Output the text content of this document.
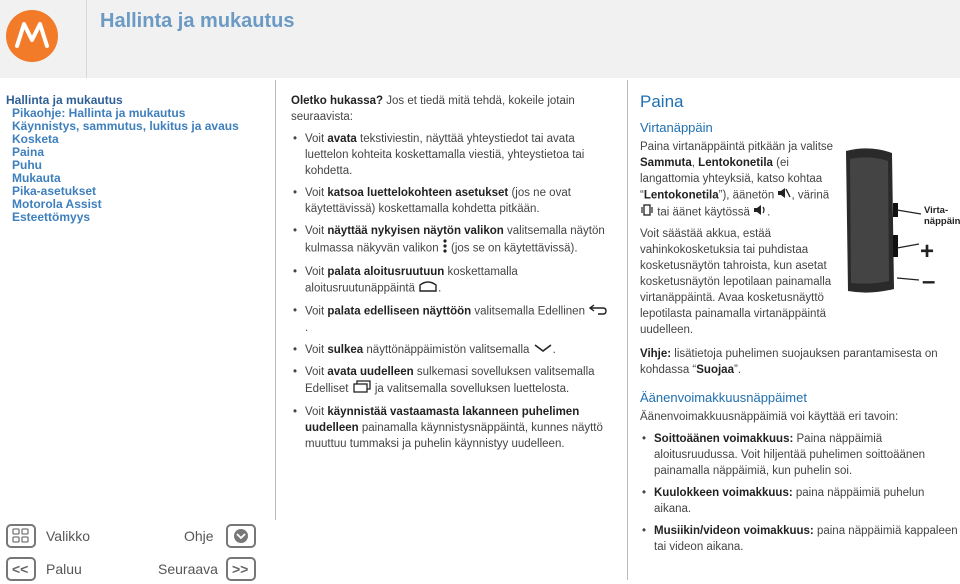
Hallinta ja mukautus
Hallinta ja mukautus
Pikaohje: Hallinta ja mukautus
Käynnistys, sammutus, lukitus ja avaus
Kosketa
Paina
Puhu
Mukauta
Pika-asetukset
Motorola Assist
Esteettömyys

Oletko hukassa? Jos et tiedä mitä tehdä, kokeile jotain seuraavista:

• Voit avata tekstiviestin, näyttää yhteystiedot tai avata luettelon kohteita koskettamalla viestiä, yhteystietoa tai kohdetta.
• Voit katsoa luettelokohteen asetukset (jos ne ovat käytettävissä) koskettamalla kohdetta pitkään.
• Voit näyttää nykyisen näytön valikon valitsemalla näytön kulmassa näkyvän valikon  (jos se on käytettävissä).
• Voit palata aloitusruutuun koskettamalla aloitusruutunäppäintä .
• Voit palata edelliseen näyttöön valitsemalla Edellinen .
• Voit sulkea näyttönäppäimistön valitsemalla .
• Voit avata uudelleen sulkemasi sovelluksen valitsemalla Edelliset  ja valitsemalla sovelluksen luettelosta.
• Voit käynnistää vastaamasta lakanneen puhelimen uudelleen painamalla käynnistysnäppäintä, kunnes näyttö muuttuu tummaksi ja puhelin käynnistyy uudelleen.
Paina
Virtanäppäin

Paina virtanäppäintä pitkään ja valitse Sammuta, Lentokonetila (ei langattomia yhteyksiä, katso kohtaa “Lentokonetila”), äänetön , värinä  tai äänet käytössä .

Voit säästää akkua, estää vahinkokosketuksia tai puhdistaa kosketusnäytön tahroista, kun asetat kosketusnäytön lepotilaan painamalla virtanäppäintä. Avaa kosketusnäyttö lepotilasta painamalla virtanäppäintä uudelleen.

Vihje: lisätietoja puhelimen suojauksen parantamisesta on kohdassa “Suojaa”.

Äänenvoimakkuusnäppäimet

Äänenvoimakkuusnäppäimiä voi käyttää eri tavoin:

• Soittoäänen voimakkuus: Paina näppäimiä aloitusruudussa. Voit hiljentää puhelimen soittoäänen painamalla näppäimiä, kun puhelin soi.
• Kuulokkeen voimakkuus: paina näppäimiä puhelun aikana.
• Musiikin/videon voimakkuus: paina näppäimiä kappaleen tai videon aikana.
Virta-
näppäin
+
–
Valikko	Ohje
<< Paluu	Seuraava >>
